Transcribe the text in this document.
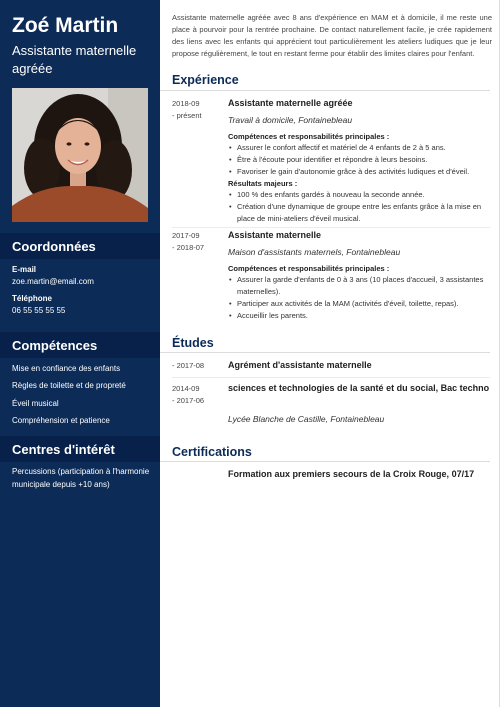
Zoé Martin
Assistante maternelle agréée
Coordonnées
E-mail
zoe.martin@email.com
Téléphone
06 55 55 55 55
Compétences
Mise en confiance des enfants
Règles de toilette et de propreté
Éveil musical
Compréhension et patience
Centres d'intérêt
Percussions (participation à l'harmonie municipale depuis +10 ans)
Assistante maternelle agréée avec 8 ans d'expérience en MAM et à domicile, il me reste une place à pourvoir pour la rentrée prochaine. De contact naturellement facile, je crée rapidement des liens avec les enfants qui apprécient tout particulièrement les ateliers ludiques que je leur propose régulièrement, le tout en restant ferme pour établir des limites claires pour l'enfant.
Expérience
2018-09
- présent
Assistante maternelle agréée
Travail à domicile, Fontainebleau
Compétences et responsabilités principales :
• Assurer le confort affectif et matériel de 4 enfants de 2 à 5 ans.
• Être à l'écoute pour identifier et répondre à leurs besoins.
• Favoriser le gain d'autonomie grâce à des activités ludiques et d'éveil.
Résultats majeurs :
• 100 % des enfants gardés à nouveau la seconde année.
• Création d'une dynamique de groupe entre les enfants grâce à la mise en place de mini-ateliers d'éveil musical.
2017-09
- 2018-07
Assistante maternelle
Maison d'assistants maternels, Fontainebleau
Compétences et responsabilités principales :
• Assurer la garde d'enfants de 0 à 3 ans (10 places d'accueil, 3 assistantes maternelles).
• Participer aux activités de la MAM (activités d'éveil, toilette, repas).
• Accueillir les parents.
Études
- 2017-08	Agrément d'assistante maternelle
2014-09
- 2017-06
sciences et technologies de la santé et du social, Bac techno
Lycée Blanche de Castille, Fontainebleau
Certifications
Formation aux premiers secours de la Croix Rouge, 07/17
